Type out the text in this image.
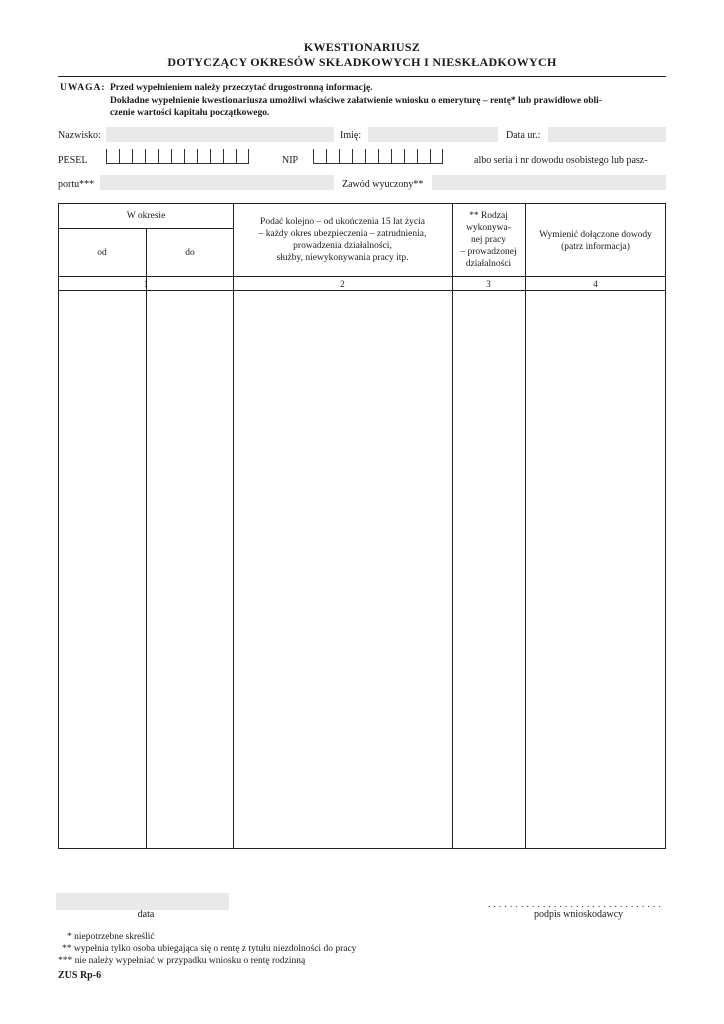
KWESTIONARIUSZ
DOTYCZĄCY OKRESÓW SKŁADKOWYCH I NIESKŁADKOWYCH
UWAGA: Przed wypełnieniem należy przeczytać drugostronną informację.
Dokładne wypełnienie kwestionariusza umożliwi właściwe załatwienie wniosku o emeryturę – rentę* lub prawidłowe obli-
czenie wartości kapitału początkowego.
Nazwisko:	Imię:	Data ur.:
PESEL	NIP	albo seria i nr dowodu osobistego lub pasz-
portu***	Zawód wyuczony**
W okresie
od	do
Podać kolejno – od ukończenia 15 lat życia
– każdy okres ubezpieczenia – zatrudnienia,
prowadzenia działalności,
służby, niewykonywania pracy itp.
** Rodzaj
wykonywa-
nej pracy
– prowadzonej
działalności
Wymienić dołączone dowody
(patrz informacja)
1	2	3	4
data
. . . . . . . . . . . . . . . . . . . . . . . . . . . . . . . .
podpis wnioskodawcy
* niepotrzebne skreślić
** wypełnia tylko osoba ubiegająca się o rentę z tytułu niezdolności do pracy
*** nie należy wypełniać w przypadku wniosku o rentę rodzinną
ZUS Rp-6
